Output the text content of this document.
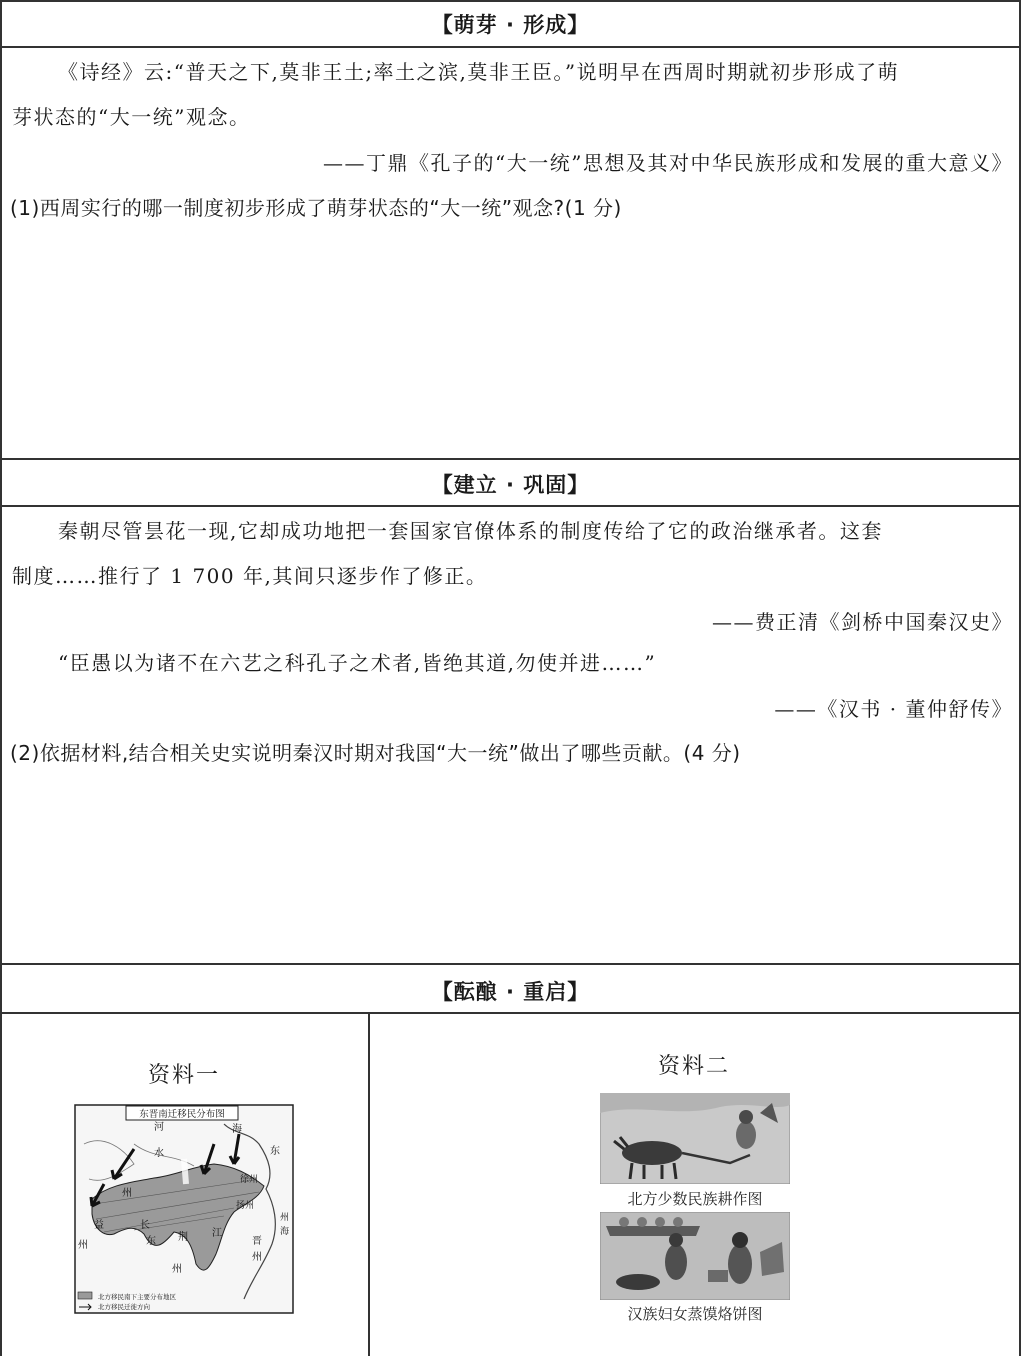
【萌芽 · 形成】
《诗经》云:“普天之下,莫非王土;率土之滨,莫非王臣。”说明早在西周时期就初步形成了萌
芽状态的“大一统”观念。
——丁鼎《孔子的“大一统”思想及其对中华民族形成和发展的重大意义》
(1)西周实行的哪一制度初步形成了萌芽状态的“大一统”观念?(1 分)
【建立 · 巩固】
秦朝尽管昙花一现,它却成功地把一套国家官僚体系的制度传给了它的政治继承者。这套
制度……推行了 1 700 年,其间只逐步作了修正。
——费正清《剑桥中国秦汉史》
“臣愚以为诸不在六艺之科孔子之术者,皆绝其道,勿使并进……”
——《汉书 · 董仲舒传》
(2)依据材料,结合相关史实说明秦汉时期对我国“大一统”做出了哪些贡献。(4 分)
【酝酿 · 重启】
资料一
东晋南迁移民分布图
河
水
海
东
州
徐州
扬州
益
州
长
东 荆
州
江
晋
州
州
海
北方移民南下主要分布地区
北方移民迁徙方向
资料二
北方少数民族耕作图
汉族妇女蒸馍烙饼图
